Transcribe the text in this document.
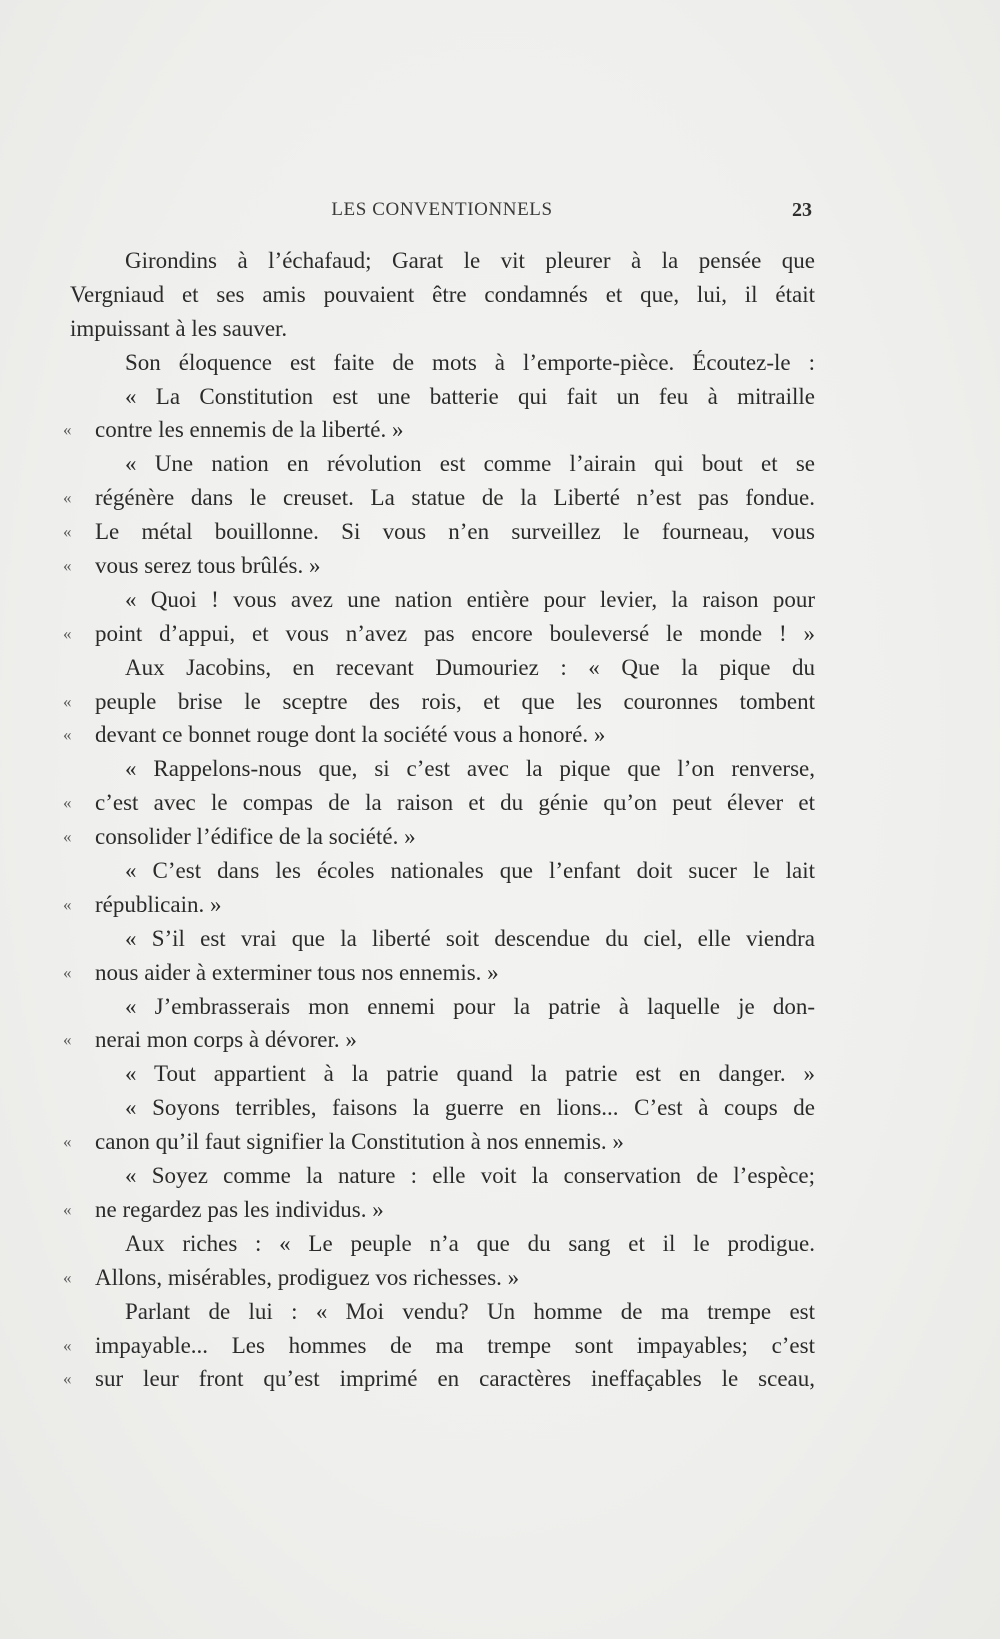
LES CONVENTIONNELS	23
Girondins à l’échafaud; Garat le vit pleurer à la pensée que
Vergniaud et ses amis pouvaient être condamnés et que, lui, il était
impuissant à les sauver.
Son éloquence est faite de mots à l’emporte-pièce. Écoutez-le :
« La Constitution est une batterie qui fait un feu à mitraille
«	contre les ennemis de la liberté. »
« Une nation en révolution est comme l’airain qui bout et se
«	régénère dans le creuset. La statue de la Liberté n’est pas fondue.
«	Le métal bouillonne. Si vous n’en surveillez le fourneau, vous
«	vous serez tous brûlés. »
« Quoi ! vous avez une nation entière pour levier, la raison pour
«	point d’appui, et vous n’avez pas encore bouleversé le monde ! »
Aux Jacobins, en recevant Dumouriez : « Que la pique du
«	peuple brise le sceptre des rois, et que les couronnes tombent
«	devant ce bonnet rouge dont la société vous a honoré. »
« Rappelons-nous que, si c’est avec la pique que l’on renverse,
«	c’est avec le compas de la raison et du génie qu’on peut élever et
«	consolider l’édifice de la société. »
« C’est dans les écoles nationales que l’enfant doit sucer le lait
«	républicain. »
« S’il est vrai que la liberté soit descendue du ciel, elle viendra
«	nous aider à exterminer tous nos ennemis. »
« J’embrasserais mon ennemi pour la patrie à laquelle je don-
«	nerai mon corps à dévorer. »
« Tout appartient à la patrie quand la patrie est en danger. »
« Soyons terribles, faisons la guerre en lions... C’est à coups de
«	canon qu’il faut signifier la Constitution à nos ennemis. »
« Soyez comme la nature : elle voit la conservation de l’espèce;
«	ne regardez pas les individus. »
Aux riches : « Le peuple n’a que du sang et il le prodigue.
«	Allons, misérables, prodiguez vos richesses. »
Parlant de lui : « Moi vendu? Un homme de ma trempe est
«	impayable... Les hommes de ma trempe sont impayables; c’est
«	sur leur front qu’est imprimé en caractères ineffaçables le sceau,
